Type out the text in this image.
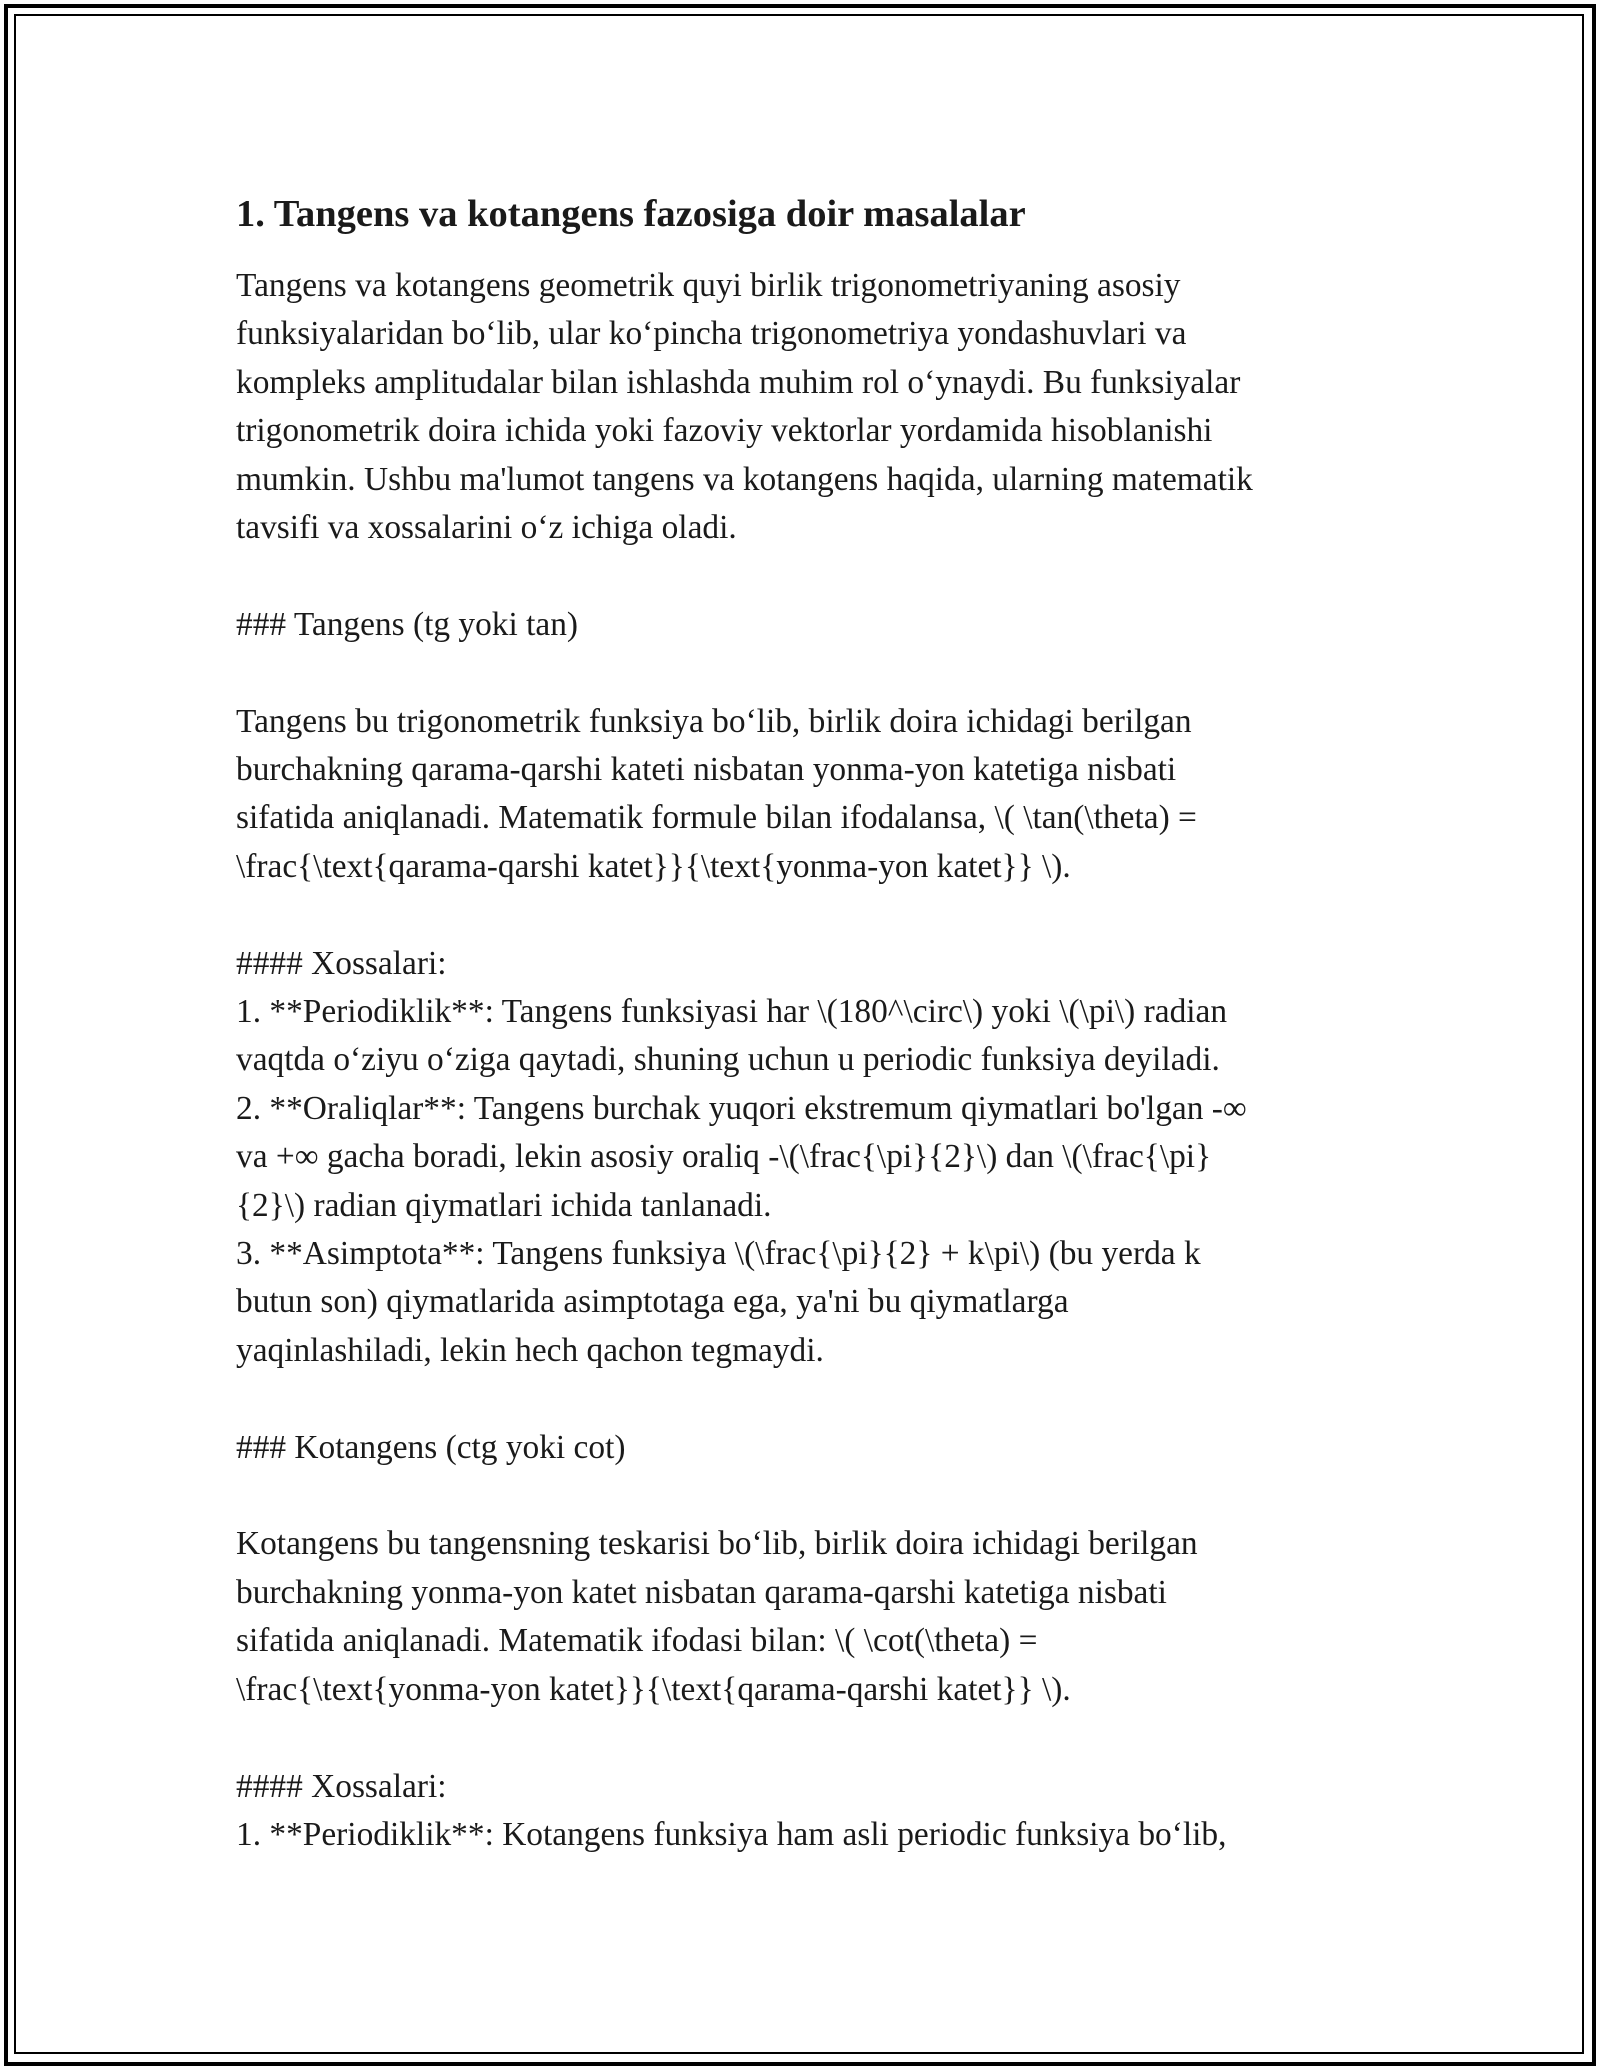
1. Tangens va kotangens fazosiga doir masalalar
Tangens va kotangens geometrik quyi birlik trigonometriyaning asosiy
funksiyalaridan bo‘lib, ular ko‘pincha trigonometriya yondashuvlari va
kompleks amplitudalar bilan ishlashda muhim rol o‘ynaydi. Bu funksiyalar
trigonometrik doira ichida yoki fazoviy vektorlar yordamida hisoblanishi
mumkin. Ushbu ma'lumot tangens va kotangens haqida, ularning matematik
tavsifi va xossalarini o‘z ichiga oladi.
### Tangens (tg yoki tan)
Tangens bu trigonometrik funksiya bo‘lib, birlik doira ichidagi berilgan
burchakning qarama-qarshi kateti nisbatan yonma-yon katetiga nisbati
sifatida aniqlanadi. Matematik formule bilan ifodalansa, \( \tan(\theta) =
\frac{\text{qarama-qarshi katet}}{\text{yonma-yon katet}} \).
#### Xossalari:
1. **Periodiklik**: Tangens funksiyasi har \(180^\circ\) yoki \(\pi\) radian
vaqtda o‘ziyu o‘ziga qaytadi, shuning uchun u periodic funksiya deyiladi.
2. **Oraliqlar**: Tangens burchak yuqori ekstremum qiymatlari bo'lgan -∞
va +∞ gacha boradi, lekin asosiy oraliq -\(\frac{\pi}{2}\) dan \(\frac{\pi}
{2}\) radian qiymatlari ichida tanlanadi.
3. **Asimptota**: Tangens funksiya \(\frac{\pi}{2} + k\pi\) (bu yerda k
butun son) qiymatlarida asimptotaga ega, ya'ni bu qiymatlarga
yaqinlashiladi, lekin hech qachon tegmaydi.
### Kotangens (ctg yoki cot)
Kotangens bu tangensning teskarisi bo‘lib, birlik doira ichidagi berilgan
burchakning yonma-yon katet nisbatan qarama-qarshi katetiga nisbati
sifatida aniqlanadi. Matematik ifodasi bilan: \( \cot(\theta) =
\frac{\text{yonma-yon katet}}{\text{qarama-qarshi katet}} \).
#### Xossalari:
1. **Periodiklik**: Kotangens funksiya ham asli periodic funksiya bo‘lib,
